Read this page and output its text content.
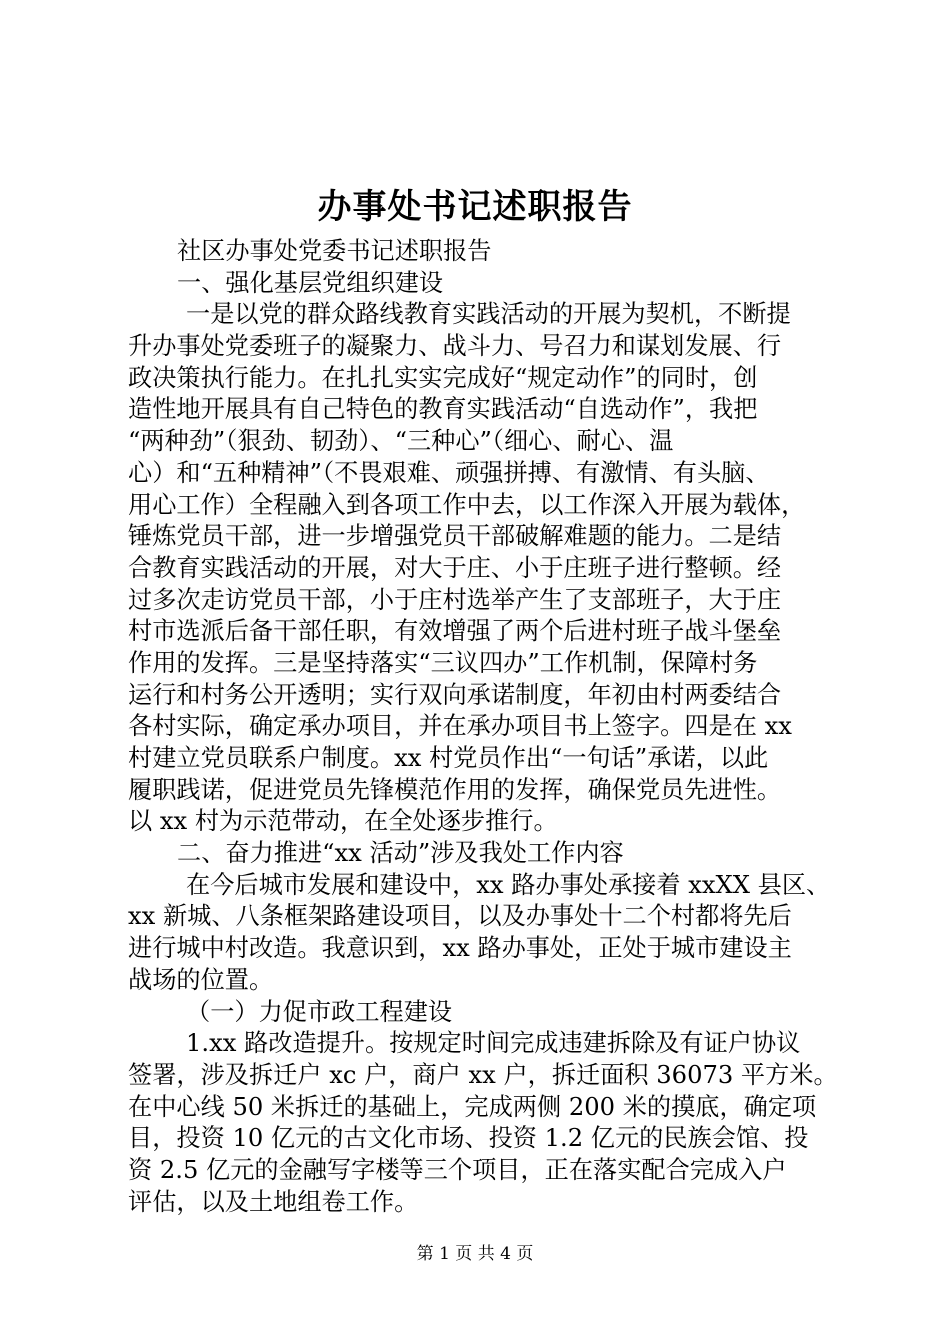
办事处书记述职报告
社区办事处党委书记述职报告
一、强化基层党组织建设
一是以党的群众路线教育实践活动的开展为契机，不断提
升办事处党委班子的凝聚力、战斗力、号召力和谋划发展、行
政决策执行能力。在扎扎实实完成好“规定动作”的同时，创
造性地开展具有自己特色的教育实践活动“自选动作”，我把
“两种劲”（狠劲、韧劲）、“三种心”（细心、耐心、温
心）和“五种精神”（不畏艰难、顽强拼搏、有激情、有头脑、
用心工作）全程融入到各项工作中去，以工作深入开展为载体，
锤炼党员干部，进一步增强党员干部破解难题的能力。二是结
合教育实践活动的开展，对大于庄、小于庄班子进行整顿。经
过多次走访党员干部，小于庄村选举产生了支部班子，大于庄
村市选派后备干部任职，有效增强了两个后进村班子战斗堡垒
作用的发挥。三是坚持落实“三议四办”工作机制，保障村务
运行和村务公开透明；实行双向承诺制度，年初由村两委结合
各村实际，确定承办项目，并在承办项目书上签字。四是在 xx
村建立党员联系户制度。xx 村党员作出“一句话”承诺，以此
履职践诺，促进党员先锋模范作用的发挥，确保党员先进性。
以 xx 村为示范带动，在全处逐步推行。
二、奋力推进“xx 活动”涉及我处工作内容
在今后城市发展和建设中，xx 路办事处承接着 xxXX 县区、
xx 新城、八条框架路建设项目，以及办事处十二个村都将先后
进行城中村改造。我意识到，xx 路办事处，正处于城市建设主
战场的位置。
（一）力促市政工程建设
1.xx 路改造提升。按规定时间完成违建拆除及有证户协议
签署，涉及拆迁户 xc 户，商户 xx 户，拆迁面积 36073 平方米。
在中心线 50 米拆迁的基础上，完成两侧 200 米的摸底，确定项
目，投资 10 亿元的古文化市场、投资 1.2 亿元的民族会馆、投
资 2.5 亿元的金融写字楼等三个项目，正在落实配合完成入户
评估，以及土地组卷工作。
第 1 页 共 4 页
